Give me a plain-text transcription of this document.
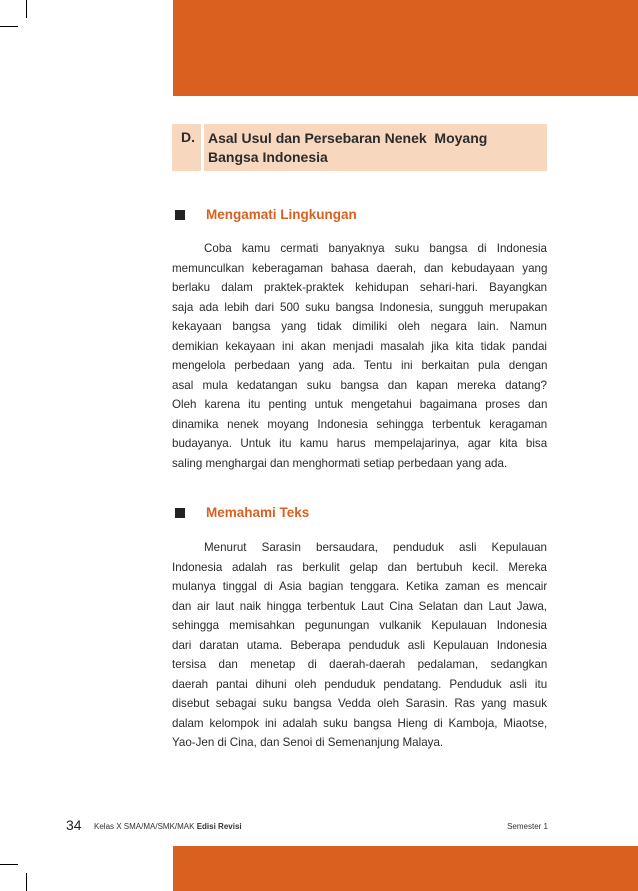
D. Asal Usul dan Persebaran Nenek  Moyang
Bangsa Indonesia
Mengamati Lingkungan
Coba kamu cermati banyaknya suku bangsa di Indonesia
memunculkan keberagaman bahasa daerah, dan kebudayaan yang
berlaku dalam praktek-praktek kehidupan sehari-hari. Bayangkan
saja ada lebih dari 500 suku bangsa Indonesia, sungguh merupakan
kekayaan bangsa yang tidak dimiliki oleh negara lain. Namun
demikian kekayaan ini akan menjadi masalah jika kita tidak pandai
mengelola perbedaan yang ada. Tentu ini berkaitan pula dengan
asal mula kedatangan suku bangsa dan kapan mereka datang?
Oleh karena itu penting untuk mengetahui bagaimana proses dan
dinamika nenek moyang Indonesia sehingga terbentuk keragaman
budayanya. Untuk itu kamu harus mempelajarinya, agar kita bisa
saling menghargai dan menghormati setiap perbedaan yang ada.
Memahami Teks
Menurut Sarasin bersaudara, penduduk asli Kepulauan
Indonesia adalah ras berkulit gelap dan bertubuh kecil. Mereka
mulanya tinggal di Asia bagian tenggara. Ketika zaman es mencair
dan air laut naik hingga terbentuk Laut Cina Selatan dan Laut Jawa,
sehingga memisahkan pegunungan vulkanik Kepulauan Indonesia
dari daratan utama. Beberapa penduduk asli Kepulauan Indonesia
tersisa dan menetap di daerah-daerah pedalaman, sedangkan
daerah pantai dihuni oleh penduduk pendatang. Penduduk asli itu
disebut sebagai suku bangsa Vedda oleh Sarasin. Ras yang masuk
dalam kelompok ini adalah suku bangsa Hieng di Kamboja, Miaotse,
Yao-Jen di Cina, dan Senoi di Semenanjung Malaya.
34 Kelas X SMA/MA/SMK/MAK Edisi Revisi	Semester 1
